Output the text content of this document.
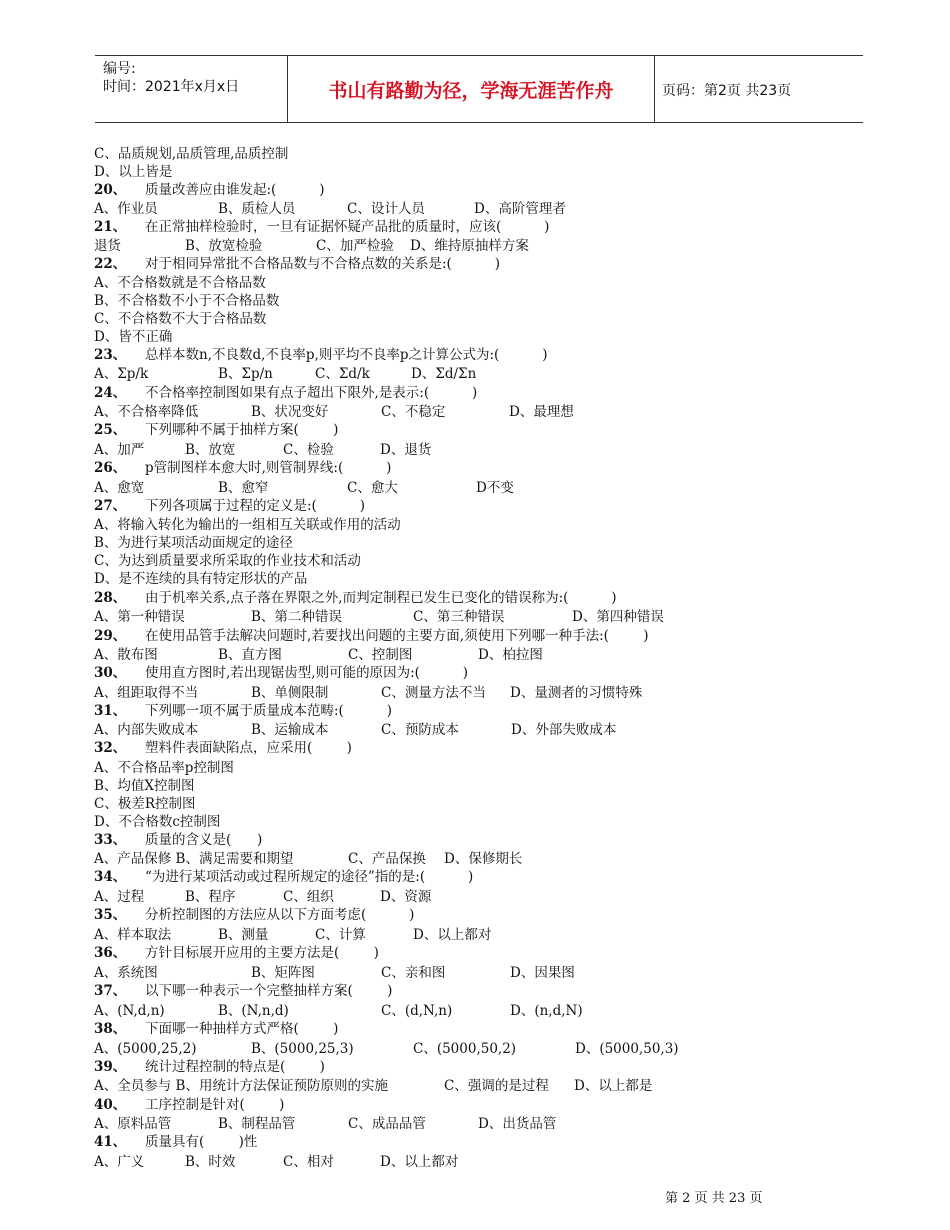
编号:
时间：2021年x月x日	书山有路勤为径，学海无涯苦作舟	页码：第2页 共23页
C、品质规划,品质管理,品质控制
D、以上皆是
20、 质量改善应由谁发起:(          )
A、作业员	B、质检人员	C、设计人员	D、高阶管理者
21、 在正常抽样检验时，一旦有证据怀疑产品批的质量时，应该(          )
退货	B、放宽检验	C、加严检验 D、维持原抽样方案
22、 对于相同异常批不合格品数与不合格点数的关系是:(          )
A、不合格数就是不合格品数
B、不合格数不小于不合格品数
C、不合格数不大于合格品数
D、皆不正确
23、 总样本数n,不良数d,不良率p,则平均不良率p之计算公式为:(          )
A、Σp/k	B、Σp/n	C、Σd/k	D、Σd/Σn
24、 不合格率控制图如果有点子超出下限外,是表示:(          )
A、不合格率降低	B、状况变好	C、不稳定	D、最理想
25、 下列哪种不属于抽样方案(        )
A、加严	B、放宽	C、检验	D、退货
26、 p管制图样本愈大时,则管制界线:(          )
A、愈宽	B、愈窄	C、愈大	D不变
27、 下列各项属于过程的定义是:(          )
A、将输入转化为输出的一组相互关联或作用的活动
B、为进行某项活动面规定的途径
C、为达到质量要求所采取的作业技术和活动
D、是不连续的具有特定形状的产品
28、 由于机率关系,点子落在界限之外,而判定制程已发生已变化的错误称为:(          )
A、第一种错误	B、第二种错误	C、第三种错误	D、第四种错误
29、 在使用品管手法解决问题时,若要找出问题的主要方面,须使用下列哪一种手法:(        )
A、散布图	B、直方图	C、控制图	D、柏拉图
30、 使用直方图时,若出现锯齿型,则可能的原因为:(          )
A、组距取得不当	B、单侧限制	C、测量方法不当 D、量测者的习惯特殊
31、 下列哪一项不属于质量成本范畴:(          )
A、内部失败成本	B、运输成本	C、预防成本	D、外部失败成本
32、 塑料件表面缺陷点，应采用(        )
A、不合格品率p控制图
B、均值X控制图
C、极差R控制图
D、不合格数c控制图
33、 质量的含义是(      )
A、产品保修 B、满足需要和期望	C、产品保换 D、保修期长
34、 “为进行某项活动或过程所规定的途径”指的是:(          )
A、过程	B、程序	C、组织	D、资源
35、 分析控制图的方法应从以下方面考虑(          )
A、样本取法	B、测量	C、计算	D、以上都对
36、 方针目标展开应用的主要方法是(        )
A、系统图	B、矩阵图	C、亲和图	D、因果图
37、 以下哪一种表示一个完整抽样方案(        )
A、(N,d,n)	B、(N,n,d)	C、(d,N,n)	D、(n,d,N)
38、 下面哪一种抽样方式严格(        )
A、(5000,25,2)	B、(5000,25,3)	C、(5000,50,2)	D、(5000,50,3)
39、 统计过程控制的特点是(        )
A、全员参与 B、用统计方法保证预防原则的实施	C、强调的是过程 D、以上都是
40、 工序控制是针对(        )
A、原料品管	B、制程品管	C、成品品管	D、出货品管
41、 质量具有(        )性
A、广义	B、时效	C、相对	D、以上都对
第 2 页 共 23 页
